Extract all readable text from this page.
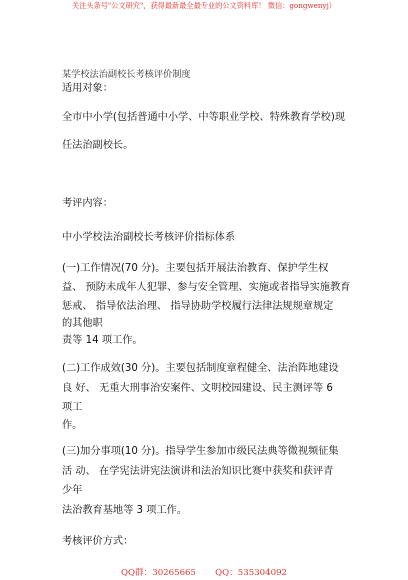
关注头条号"公文研究"，获得最新最全最专业的公文资料库！ 微信：gongwenyj）
某学校法治副校长考核评价制度
适用对象：
全市中小学(包括普通中小学、中等职业学校、特殊教育学校)现
任法治副校长。
考评内容：
中小学校法治副校长考核评价指标体系
(一)工作情况(70 分)。主要包括开展法治教育、保护学生权
益、 预防未成年人犯罪、参与安全管理、实施或者指导实施教育
惩戒、 指导依法治理、 指导协助学校履行法律法规规章规定
的其他职
责等 14 项工作。
(二)工作成效(30 分)。主要包括制度章程健全、法治阵地建设
良 好、 无重大刑事治安案件、文明校园建设、民主测评等 6
项工
作。
(三)加分事项(10 分)。指导学生参加市级民法典等微视频征集
活 动、 在学宪法讲宪法演讲和法治知识比赛中获奖和获评青
少年
法治教育基地等 3 项工作。
考核评价方式：
QQ群：30265665       QQ：535304092
